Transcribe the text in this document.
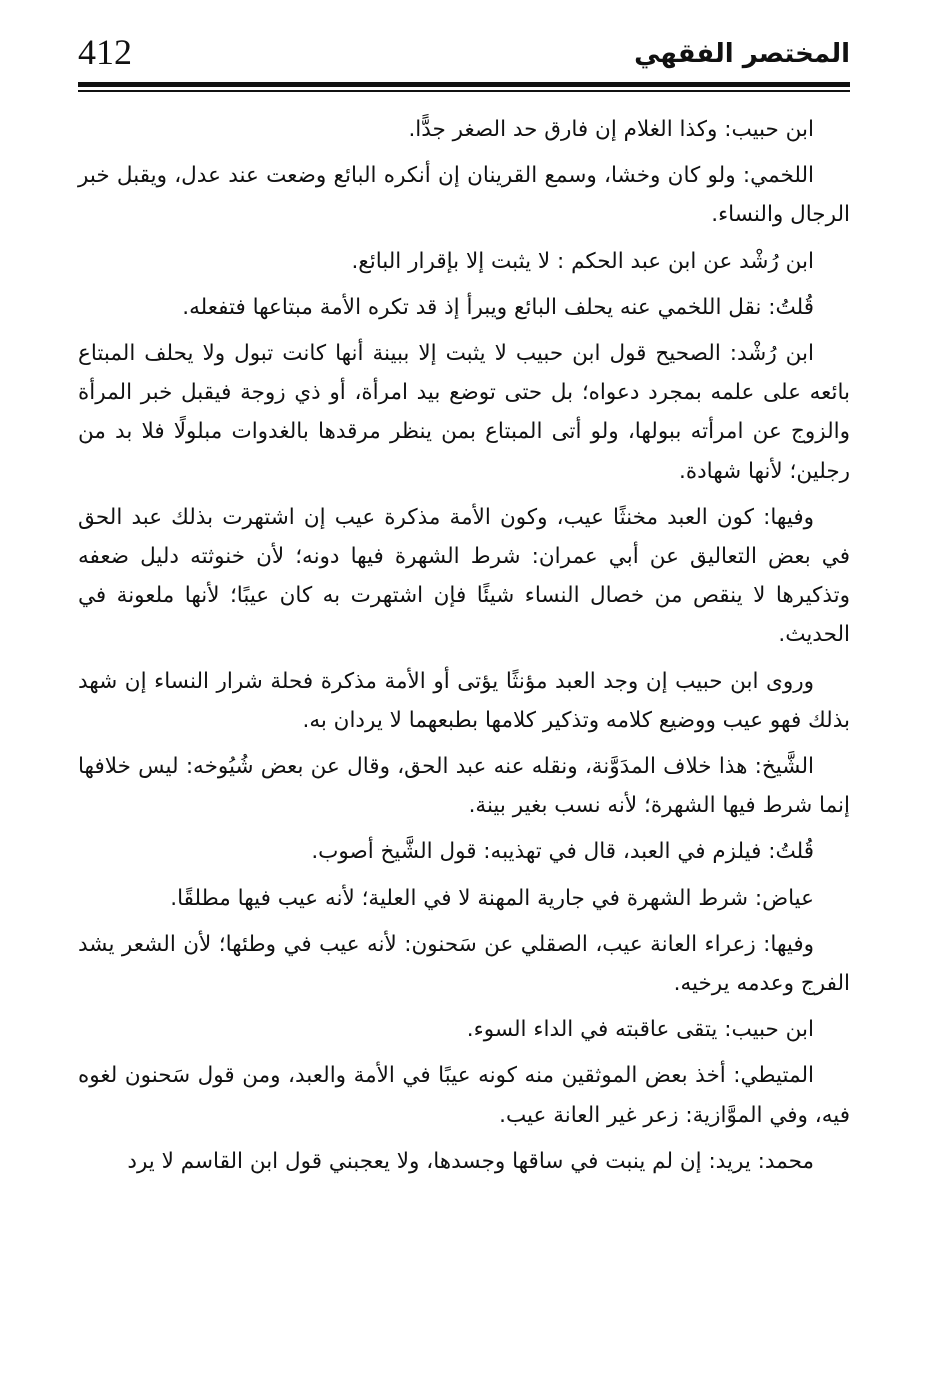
412	المختصر الفقهي

ابن حبيب: وكذا الغلام إن فارق حد الصغر جدًّا.

اللخمي: ولو كان وخشا، وسمع القرينان إن أنكره البائع وضعت عند عدل، ويقبل خبر الرجال والنساء.

ابن رُشْد عن ابن عبد الحكم : لا يثبت إلا بإقرار البائع.

قُلتُ: نقل اللخمي عنه يحلف البائع ويبرأ إذ قد تكره الأمة مبتاعها فتفعله.

ابن رُشْد: الصحيح قول ابن حبيب لا يثبت إلا ببينة أنها كانت تبول ولا يحلف المبتاع بائعه على علمه بمجرد دعواه؛ بل حتى توضع بيد امرأة، أو ذي زوجة فيقبل خبر المرأة والزوج عن امرأته ببولها، ولو أتى المبتاع بمن ينظر مرقدها بالغدوات مبلولًا فلا بد من رجلين؛ لأنها شهادة.

وفيها: كون العبد مخنثًا عيب، وكون الأمة مذكرة عيب إن اشتهرت بذلك عبد الحق في بعض التعاليق عن أبي عمران: شرط الشهرة فيها دونه؛ لأن خنوثته دليل ضعفه وتذكيرها لا ينقص من خصال النساء شيئًا فإن اشتهرت به كان عيبًا؛ لأنها ملعونة في الحديث.

وروى ابن حبيب إن وجد العبد مؤنثًا يؤتى أو الأمة مذكرة فحلة شرار النساء إن شهد بذلك فهو عيب ووضيع كلامه وتذكير كلامها بطبعهما لا يردان به.

الشَّيخ: هذا خلاف المدَوَّنة، ونقله عنه عبد الحق، وقال عن بعض شُيُوخه: ليس خلافها إنما شرط فيها الشهرة؛ لأنه نسب بغير بينة.

قُلتُ: فيلزم في العبد، قال في تهذيبه: قول الشَّيخ أصوب.

عياض: شرط الشهرة في جارية المهنة لا في العلية؛ لأنه عيب فيها مطلقًا.

وفيها: زعراء العانة عيب، الصقلي عن سَحنون: لأنه عيب في وطئها؛ لأن الشعر يشد الفرج وعدمه يرخيه.

ابن حبيب: يتقى عاقبته في الداء السوء.

المتيطي: أخذ بعض الموثقين منه كونه عيبًا في الأمة والعبد، ومن قول سَحنون لغوه فيه، وفي الموَّازية: زعر غير العانة عيب.

محمد: يريد: إن لم ينبت في ساقها وجسدها، ولا يعجبني قول ابن القاسم لا يرد
